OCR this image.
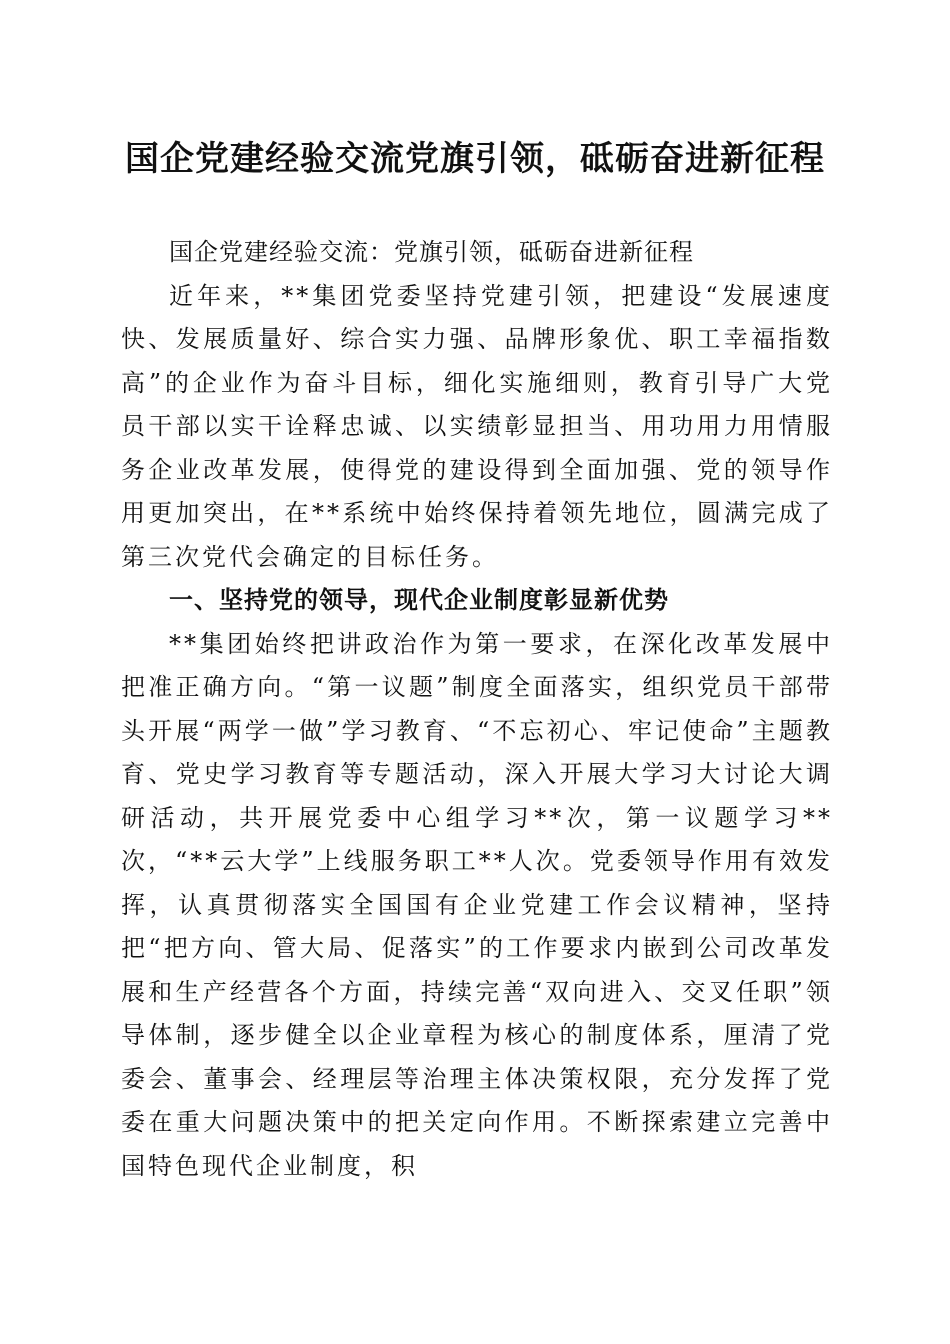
国企党建经验交流党旗引领，砥砺奋进新征程

国企党建经验交流：党旗引领，砥砺奋进新征程

近年来，**集团党委坚持党建引领，把建设“发展速度快、发展质量好、综合实力强、品牌形象优、职工幸福指数高”的企业作为奋斗目标，细化实施细则，教育引导广大党员干部以实干诠释忠诚、以实绩彰显担当、用功用力用情服务企业改革发展，使得党的建设得到全面加强、党的领导作用更加突出，在**系统中始终保持着领先地位，圆满完成了第三次党代会确定的目标任务。

一、坚持党的领导，现代企业制度彰显新优势

**集团始终把讲政治作为第一要求，在深化改革发展中把准正确方向。“第一议题”制度全面落实，组织党员干部带头开展“两学一做”学习教育、“不忘初心、牢记使命”主题教育、党史学习教育等专题活动，深入开展大学习大讨论大调研活动，共开展党委中心组学习**次，第一议题学习**次，“**云大学”上线服务职工**人次。党委领导作用有效发挥，认真贯彻落实全国国有企业党建工作会议精神，坚持把“把方向、管大局、促落实”的工作要求内嵌到公司改革发展和生产经营各个方面，持续完善“双向进入、交叉任职”领导体制，逐步健全以企业章程为核心的制度体系，厘清了党委会、董事会、经理层等治理主体决策权限，充分发挥了党委在重大问题决策中的把关定向作用。不断探索建立完善中国特色现代企业制度，积
